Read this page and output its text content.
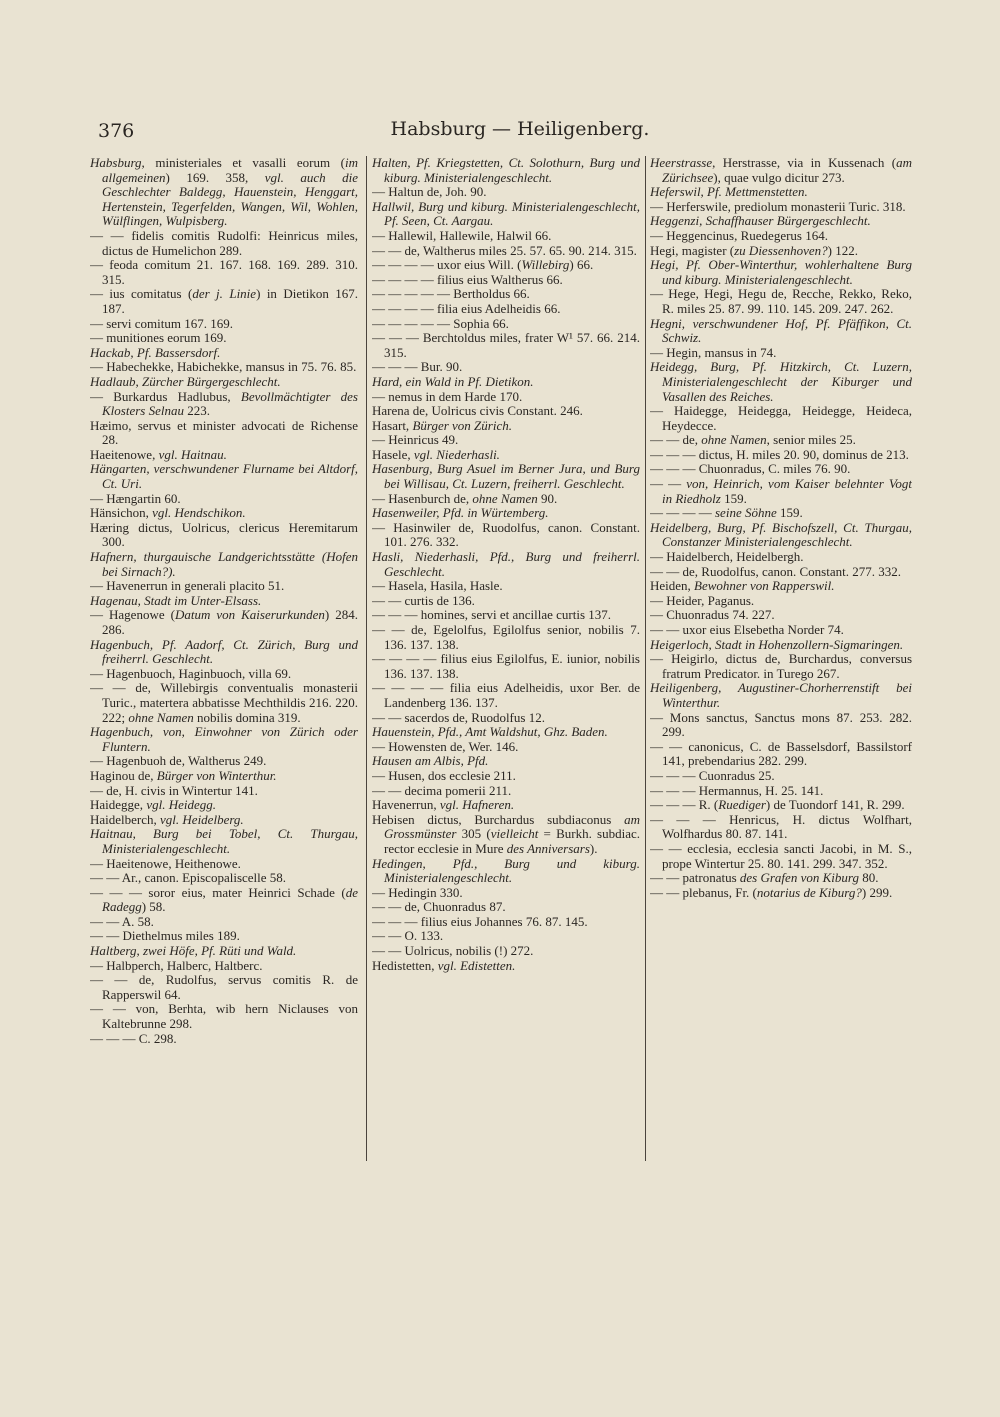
376	Habsburg — Heiligenberg.

Habsburg, ministeriales et vasalli eorum (im allgemeinen) 169. 358, vgl. auch die Geschlechter Baldegg, Hauenstein, Henggart, Hertenstein, Tegerfelden, Wangen, Wil, Wohlen, Wülflingen, Wulpisberg.

— — fidelis comitis Rudolfi: Heinricus miles, dictus de Humelichon 289.

— feoda comitum 21. 167. 168. 169. 289. 310. 315.

— ius comitatus (der j. Linie) in Dietikon 167. 187.

— servi comitum 167. 169.

— munitiones eorum 169.

Hackab, Pf. Bassersdorf.

— Habechekke, Habichekke, mansus in 75. 76. 85.

Hadlaub, Zürcher Bürgergeschlecht.

— Burkardus Hadlubus, Bevollmächtigter des Klosters Selnau 223.

Hæimo, servus et minister advocati de Richense 28.

Haeitenowe, vgl. Haitnau.

Hängarten, verschwundener Flurname bei Altdorf, Ct. Uri.

— Hængartin 60.

Hänsichon, vgl. Hendschikon.

Hæring dictus, Uolricus, clericus Heremitarum 300.

Hafnern, thurgauische Landgerichtsstätte (Hofen bei Sirnach?).

— Havenerrun in generali placito 51.

Hagenau, Stadt im Unter-Elsass.

— Hagenowe (Datum von Kaiserurkunden) 284. 286.

Hagenbuch, Pf. Aadorf, Ct. Zürich, Burg und freiherrl. Geschlecht.

— Hagenbuoch, Haginbuoch, villa 69.

— — de, Willebirgis conventualis monasterii Turic., matertera abbatisse Mechthildis 216. 220. 222; ohne Namen nobilis domina 319.

Hagenbuch, von, Einwohner von Zürich oder Fluntern.

— Hagenbuoh de, Waltherus 249.

Haginou de, Bürger von Winterthur.

— de, H. civis in Wintertur 141.

Haidegge, vgl. Heidegg.

Haidelberch, vgl. Heidelberg.

Haitnau, Burg bei Tobel, Ct. Thurgau, Ministerialengeschlecht.

— Haeitenowe, Heithenowe.

— — Ar., canon. Episcopaliscelle 58.

— — — soror eius, mater Heinrici Schade (de Radegg) 58.

— — A. 58.

— — Diethelmus miles 189.

Haltberg, zwei Höfe, Pf. Rüti und Wald.

— Halbperch, Halberc, Haltberc.

— — de, Rudolfus, servus comitis R. de Rapperswil 64.

— — von, Berhta, wib hern Niclauses von Kaltebrunne 298.

— — — C. 298.

Halten, Pf. Kriegstetten, Ct. Solothurn, Burg und kiburg. Ministerialengeschlecht.

— Haltun de, Joh. 90.

Hallwil, Burg und kiburg. Ministerialengeschlecht, Pf. Seen, Ct. Aargau.

— Hallewil, Hallewile, Halwil 66.

— — de, Waltherus miles 25. 57. 65. 90. 214. 315.

— — — — uxor eius Will. (Willebirg) 66.

— — — — filius eius Waltherus 66.

— — — — — Bertholdus 66.

— — — — filia eius Adelheidis 66.

— — — — — Sophia 66.

— — — Berchtoldus miles, frater W¹ 57. 66. 214. 315.

— — — Bur. 90.

Hard, ein Wald in Pf. Dietikon.

— nemus in dem Harde 170.

Harena de, Uolricus civis Constant. 246.

Hasart, Bürger von Zürich.

— Heinricus 49.

Hasele, vgl. Niederhasli.

Hasenburg, Burg Asuel im Berner Jura, und Burg bei Willisau, Ct. Luzern, freiherrl. Geschlecht.

— Hasenburch de, ohne Namen 90.

Hasenweiler, Pfd. in Würtemberg.

— Hasinwiler de, Ruodolfus, canon. Constant. 101. 276. 332.

Hasli, Niederhasli, Pfd., Burg und freiherrl. Geschlecht.

— Hasela, Hasila, Hasle.

— — curtis de 136.

— — — homines, servi et ancillae curtis 137.

— — de, Egelolfus, Egilolfus senior, nobilis 7. 136. 137. 138.

— — — — filius eius Egilolfus, E. iunior, nobilis 136. 137. 138.

— — — — filia eius Adelheidis, uxor Ber. de Landenberg 136. 137.

— — sacerdos de, Ruodolfus 12.

Hauenstein, Pfd., Amt Waldshut, Ghz. Baden.

— Howensten de, Wer. 146.

Hausen am Albis, Pfd.

— Husen, dos ecclesie 211.

— — decima pomerii 211.

Havenerrun, vgl. Hafneren.

Hebisen dictus, Burchardus subdiaconus am Grossmünster 305 (vielleicht = Burkh. subdiac. rector ecclesie in Mure des Anniversars).

Hedingen, Pfd., Burg und kiburg. Ministerialengeschlecht.

— Hedingin 330.

— — de, Chuonradus 87.

— — — filius eius Johannes 76. 87. 145.

— — O. 133.

— — Uolricus, nobilis (!) 272.

Hedistetten, vgl. Edistetten.

Heerstrasse, Herstrasse, via in Kussenach (am Zürichsee), quae vulgo dicitur 273.

Heferswil, Pf. Mettmenstetten.

— Herferswile, prediolum monasterii Turic. 318.

Heggenzi, Schaffhauser Bürgergeschlecht.

— Heggencinus, Ruedegerus 164.

Hegi, magister (zu Diessenhoven?) 122.

Hegi, Pf. Ober-Winterthur, wohlerhaltene Burg und kiburg. Ministerialengeschlecht.

— Hege, Hegi, Hegu de, Recche, Rekko, Reko, R. miles 25. 87. 99. 110. 145. 209. 247. 262.

Hegni, verschwundener Hof, Pf. Pfäffikon, Ct. Schwiz.

— Hegin, mansus in 74.

Heidegg, Burg, Pf. Hitzkirch, Ct. Luzern, Ministerialengeschlecht der Kiburger und Vasallen des Reiches.

— Haidegge, Heidegga, Heidegge, Heideca, Heydecce.

— — de, ohne Namen, senior miles 25.

— — — dictus, H. miles 20. 90, dominus de 213.

— — — Chuonradus, C. miles 76. 90.

— — von, Heinrich, vom Kaiser belehnter Vogt in Riedholz 159.

— — — — seine Söhne 159.

Heidelberg, Burg, Pf. Bischofszell, Ct. Thurgau, Constanzer Ministerialengeschlecht.

— Haidelberch, Heidelbergh.

— — de, Ruodolfus, canon. Constant. 277. 332.

Heiden, Bewohner von Rapperswil.

— Heider, Paganus.

— Chuonradus 74. 227.

— — uxor eius Elsebetha Norder 74.

Heigerloch, Stadt in Hohenzollern-Sigmaringen.

— Heigirlo, dictus de, Burchardus, conversus fratrum Predicator. in Turego 267.

Heiligenberg, Augustiner-Chorherrenstift bei Winterthur.

— Mons sanctus, Sanctus mons 87. 253. 282. 299.

— — canonicus, C. de Basselsdorf, Bassilstorf 141, prebendarius 282. 299.

— — — Cuonradus 25.

— — — Hermannus, H. 25. 141.

— — — R. (Ruediger) de Tuondorf 141, R. 299.

— — — Henricus, H. dictus Wolfhart, Wolfhardus 80. 87. 141.

— — ecclesia, ecclesia sancti Jacobi, in M. S., prope Wintertur 25. 80. 141. 299. 347. 352.

— — patronatus des Grafen von Kiburg 80.

— — plebanus, Fr. (notarius de Kiburg?) 299.
